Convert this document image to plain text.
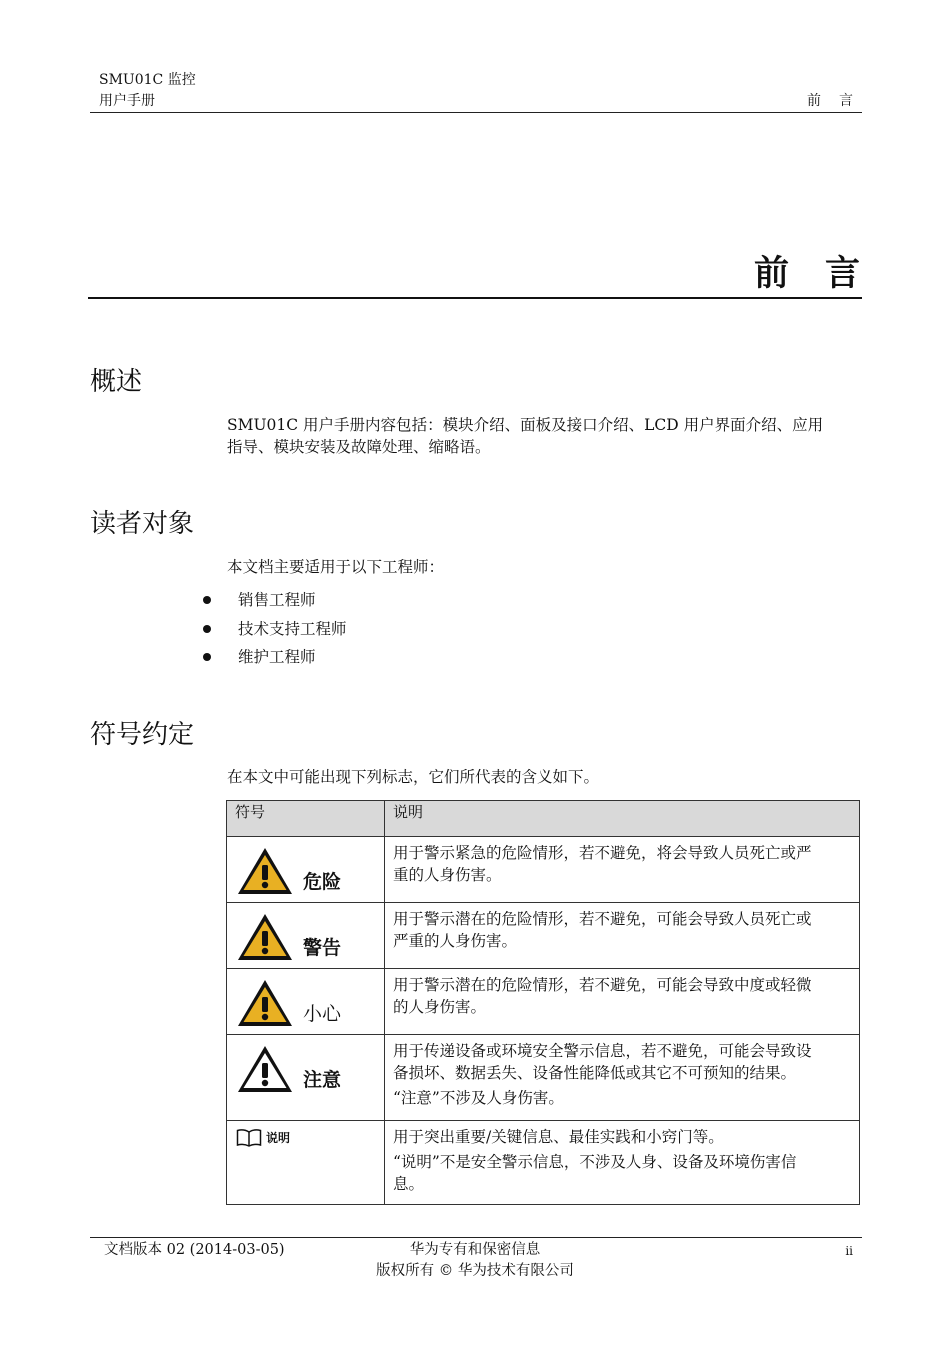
SMU01C 监控
用户手册	前言
前言
概述
SMU01C 用户手册内容包括：模块介绍、面板及接口介绍、LCD 用户界面介绍、应用
指导、模块安装及故障处理、缩略语。
读者对象
本文档主要适用于以下工程师：
销售工程师
技术支持工程师
维护工程师
符号约定
在本文中可能出现下列标志，它们所代表的含义如下。
符号	说明

危险	用于警示紧急的危险情形，若不避免，将会导致人员死亡或严

重的人身伤害。

警告	用于警示潜在的危险情形，若不避免，可能会导致人员死亡或

严重的人身伤害。

小心	用于警示潜在的危险情形，若不避免，可能会导致中度或轻微

的人身伤害。

注意	用于传递设备或环境安全警示信息，若不避免，可能会导致设

备损坏、数据丢失、设备性能降低或其它不可预知的结果。

“注意”不涉及人身伤害。

说明	用于突出重要/关键信息、最佳实践和小窍门等。

“说明”不是安全警示信息，不涉及人身、设备及环境伤害信

息。

文档版本 02 (2014-03-05)	华为专有和保密信息
版权所有 © 华为技术有限公司
ii
